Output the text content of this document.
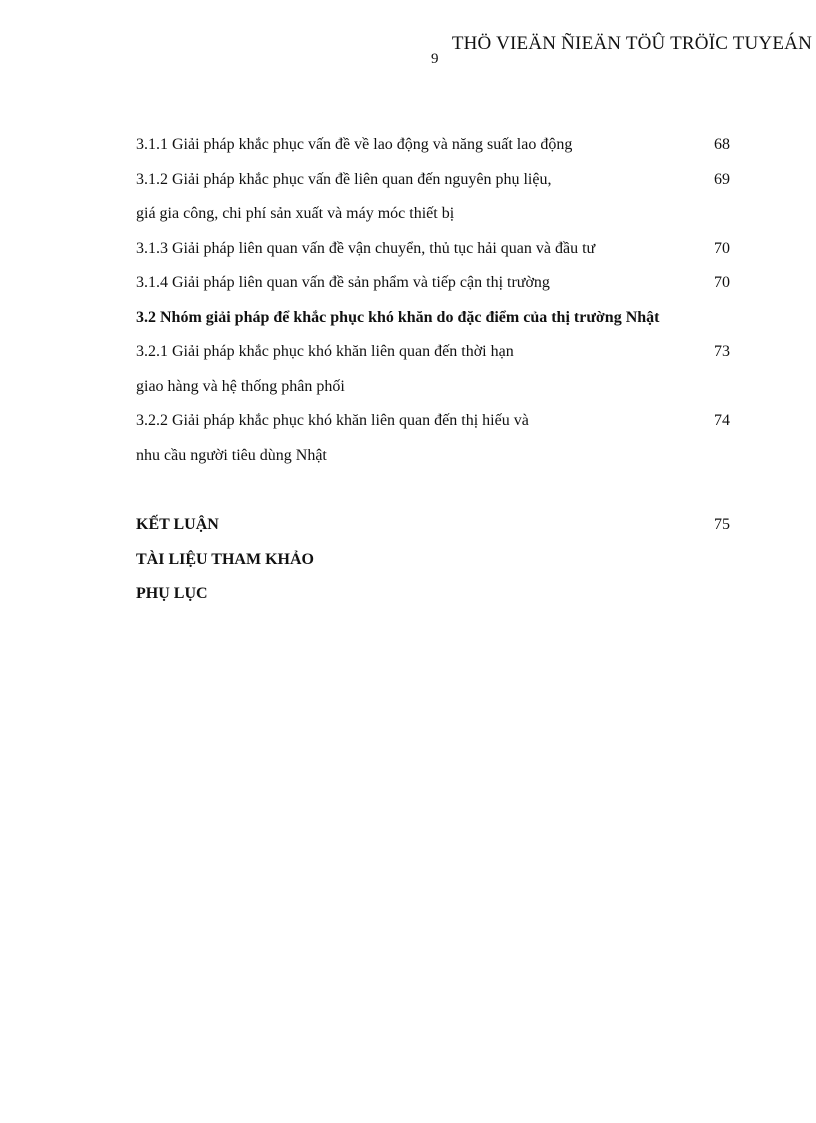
THÖ VIEÄN ÑIEÄN TÖÛ TRÖÏC TUYEÁN
9
3.1.1 Giải pháp khắc phục vấn đề về lao động và năng suất lao động	68
3.1.2 Giải pháp khắc phục vấn đề liên quan đến nguyên phụ liệu,	69
giá gia công, chi phí sản xuất và máy móc thiết bị
3.1.3 Giải pháp liên quan vấn đề vận chuyển, thủ tục hải quan và đầu tư	70
3.1.4 Giải pháp liên quan vấn đề sản phẩm và tiếp cận thị trường	70
3.2 Nhóm giải pháp để khắc phục khó khăn do đặc điểm của thị trường Nhật
3.2.1 Giải pháp khắc phục khó khăn liên quan đến thời hạn	73
giao hàng và hệ thống phân phối
3.2.2 Giải pháp khắc phục khó khăn liên quan đến thị hiếu và	74
nhu cầu người tiêu dùng Nhật
KẾT LUẬN	75
TÀI LIỆU THAM KHẢO
PHỤ LỤC
